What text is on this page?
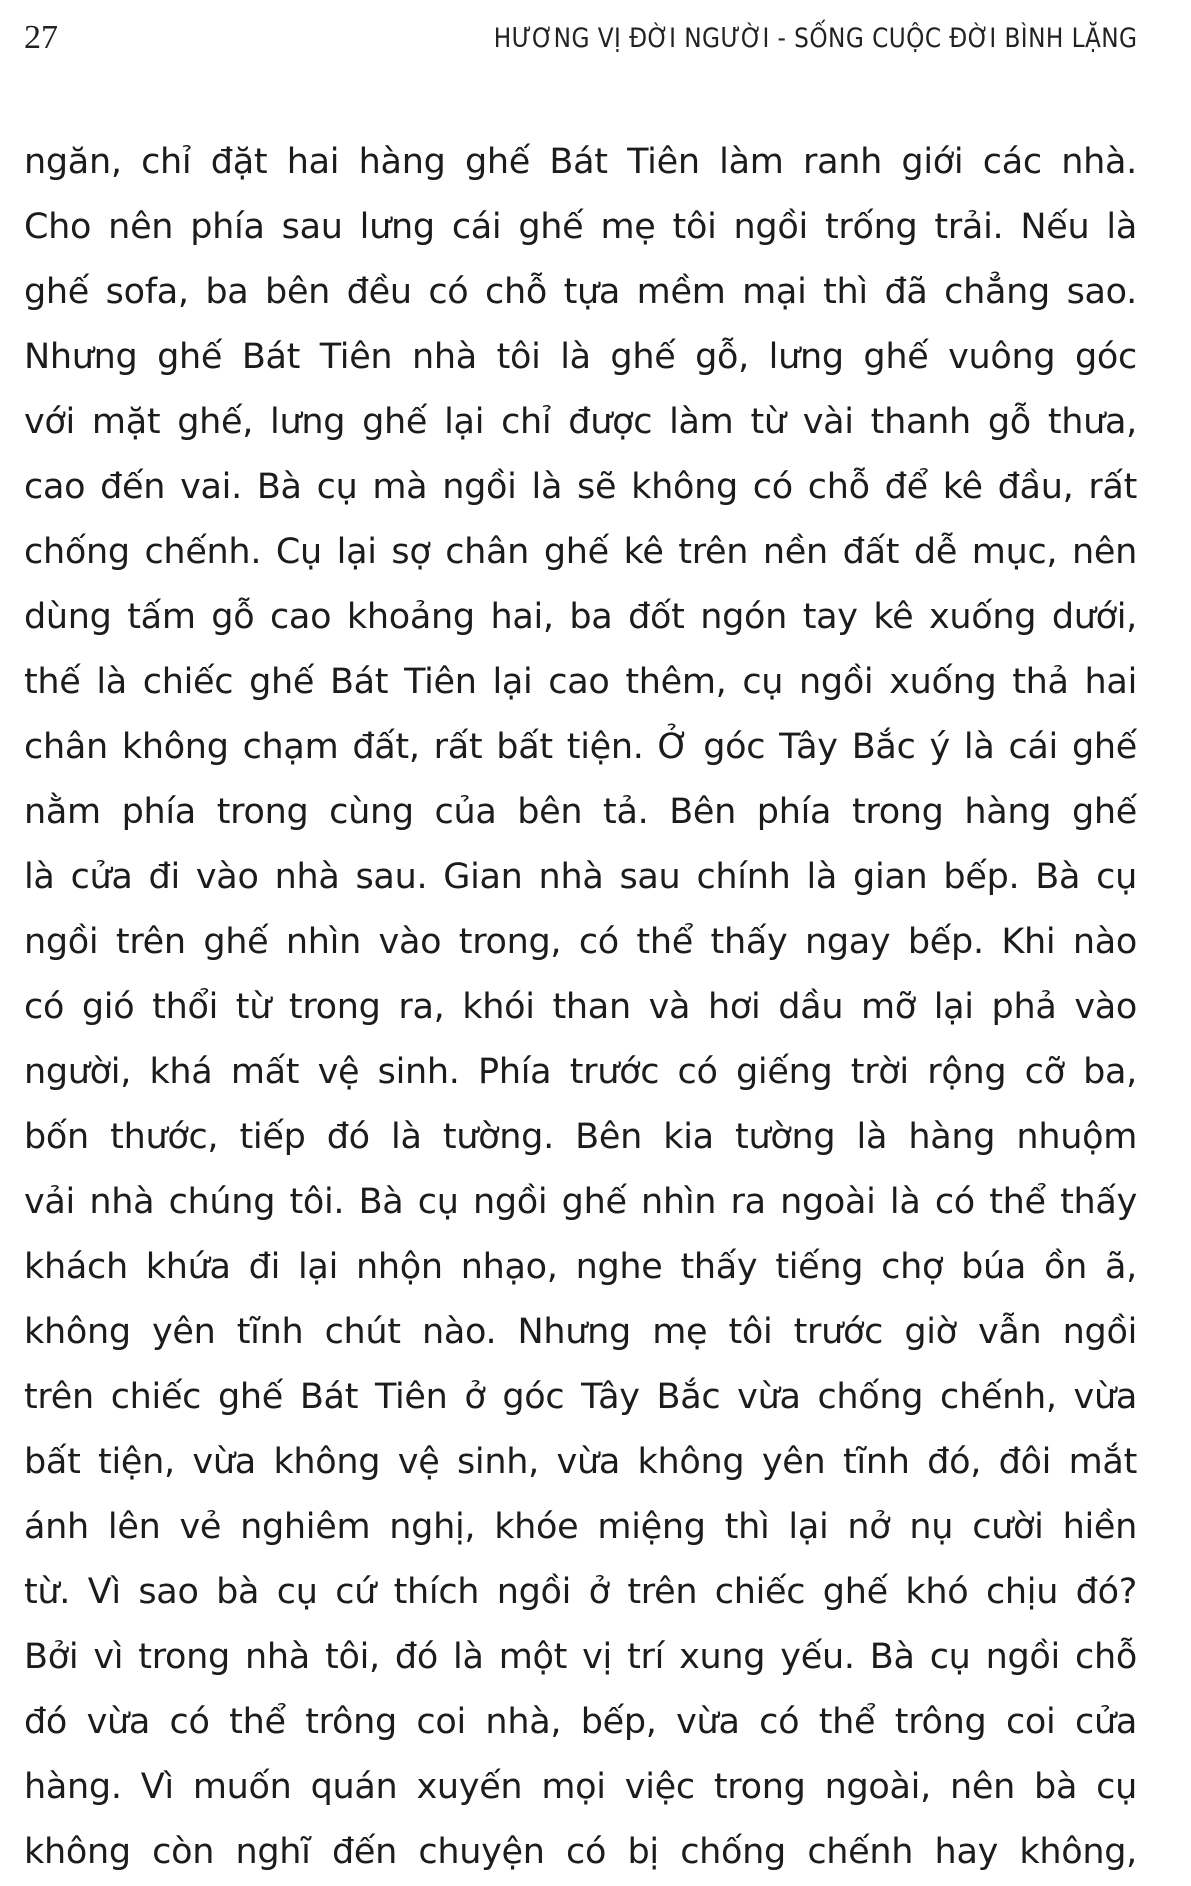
27	HƯƠNG VỊ ĐỜI NGƯỜI - SỐNG CUỘC ĐỜI BÌNH LẶNG
ngăn, chỉ đặt hai hàng ghế Bát Tiên làm ranh giới các nhà.
Cho nên phía sau lưng cái ghế mẹ tôi ngồi trống trải. Nếu là
ghế sofa, ba bên đều có chỗ tựa mềm mại thì đã chẳng sao.
Nhưng ghế Bát Tiên nhà tôi là ghế gỗ, lưng ghế vuông góc
với mặt ghế, lưng ghế lại chỉ được làm từ vài thanh gỗ thưa,
cao đến vai. Bà cụ mà ngồi là sẽ không có chỗ để kê đầu, rất
chống chếnh. Cụ lại sợ chân ghế kê trên nền đất dễ mục, nên
dùng tấm gỗ cao khoảng hai, ba đốt ngón tay kê xuống dưới,
thế là chiếc ghế Bát Tiên lại cao thêm, cụ ngồi xuống thả hai
chân không chạm đất, rất bất tiện. Ở góc Tây Bắc ý là cái ghế
nằm phía trong cùng của bên tả. Bên phía trong hàng ghế
là cửa đi vào nhà sau. Gian nhà sau chính là gian bếp. Bà cụ
ngồi trên ghế nhìn vào trong, có thể thấy ngay bếp. Khi nào
có gió thổi từ trong ra, khói than và hơi dầu mỡ lại phả vào
người, khá mất vệ sinh. Phía trước có giếng trời rộng cỡ ba,
bốn thước, tiếp đó là tường. Bên kia tường là hàng nhuộm
vải nhà chúng tôi. Bà cụ ngồi ghế nhìn ra ngoài là có thể thấy
khách khứa đi lại nhộn nhạo, nghe thấy tiếng chợ búa ồn ã,
không yên tĩnh chút nào. Nhưng mẹ tôi trước giờ vẫn ngồi
trên chiếc ghế Bát Tiên ở góc Tây Bắc vừa chống chếnh, vừa
bất tiện, vừa không vệ sinh, vừa không yên tĩnh đó, đôi mắt
ánh lên vẻ nghiêm nghị, khóe miệng thì lại nở nụ cười hiền
từ. Vì sao bà cụ cứ thích ngồi ở trên chiếc ghế khó chịu đó?
Bởi vì trong nhà tôi, đó là một vị trí xung yếu. Bà cụ ngồi chỗ
đó vừa có thể trông coi nhà, bếp, vừa có thể trông coi cửa
hàng. Vì muốn quán xuyến mọi việc trong ngoài, nên bà cụ
không còn nghĩ đến chuyện có bị chống chếnh hay không,
